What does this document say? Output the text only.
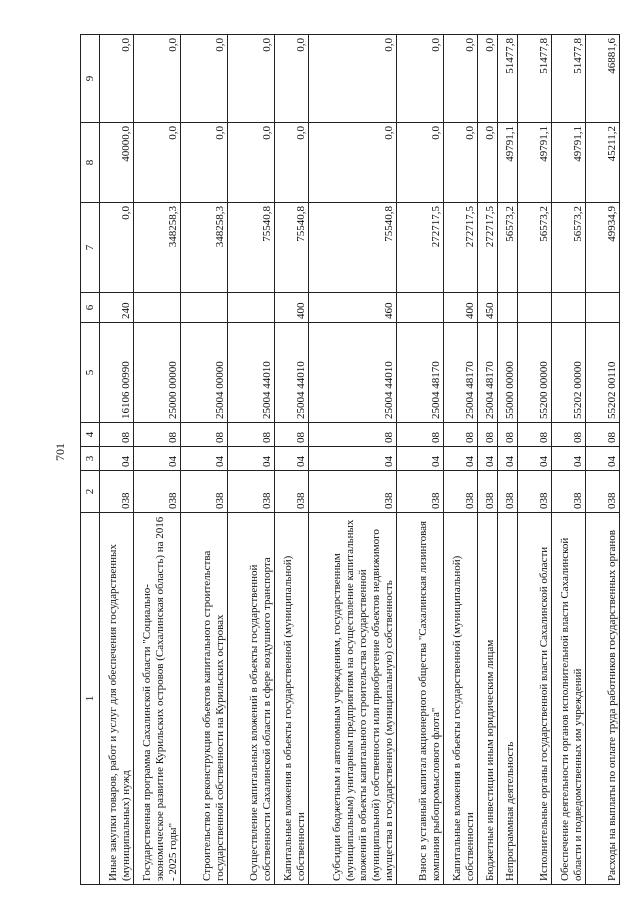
701
1	2	3	4	5	6	7	8	9
Иные закупки товаров, работ и услуг для обеспечения государственных (муниципальных) нужд	038	04	08	16106 00990	240	0,0	40000,0	0,0
Государственная программа Сахалинской области "Социально-экономическое развитие Курильских островов (Сахалинская область) на 2016 - 2025 годы"	038	04	08	25000 00000		348258,3	0,0	0,0
Строительство и реконструкция объектов капитального строительства государственной собственности на Курильских островах	038	04	08	25004 00000		348258,3	0,0	0,0
Осуществление капитальных вложений в объекты государственной собственности Сахалинской области в сфере воздушного транспорта	038	04	08	25004 44010		75540,8	0,0	0,0
Капитальные вложения в объекты государственной (муниципальной) собственности	038	04	08	25004 44010	400	75540,8	0,0	0,0
Субсидии бюджетным и автономным учреждениям, государственным (муниципальным) унитарным предприятиям на осуществление капитальных вложений в объекты капитального строительства государственной (муниципальной) собственности или приобретение объектов недвижимого имущества в государственную (муниципальную) собственность	038	04	08	25004 44010	460	75540,8	0,0	0,0
Взнос в уставный капитал акционерного общества "Сахалинская лизинговая компания рыбопромыслового флота"	038	04	08	25004 48170		272717,5	0,0	0,0
Капитальные вложения в объекты государственной (муниципальной) собственности	038	04	08	25004 48170	400	272717,5	0,0	0,0
Бюджетные инвестиции иным юридическим лицам	038	04	08	25004 48170	450	272717,5	0,0	0,0
Непрограммная деятельность	038	04	08	55000 00000		56573,2	49791,1	51477,8
Исполнительные органы государственной власти Сахалинской области	038	04	08	55200 00000		56573,2	49791,1	51477,8
Обеспечение деятельности органов исполнительной власти Сахалинской области и подведомственных им учреждений	038	04	08	55202 00000		56573,2	49791,1	51477,8
Расходы на выплаты по оплате труда работников государственных органов	038	04	08	55202 00110		49934,9	45211,2	46881,6
